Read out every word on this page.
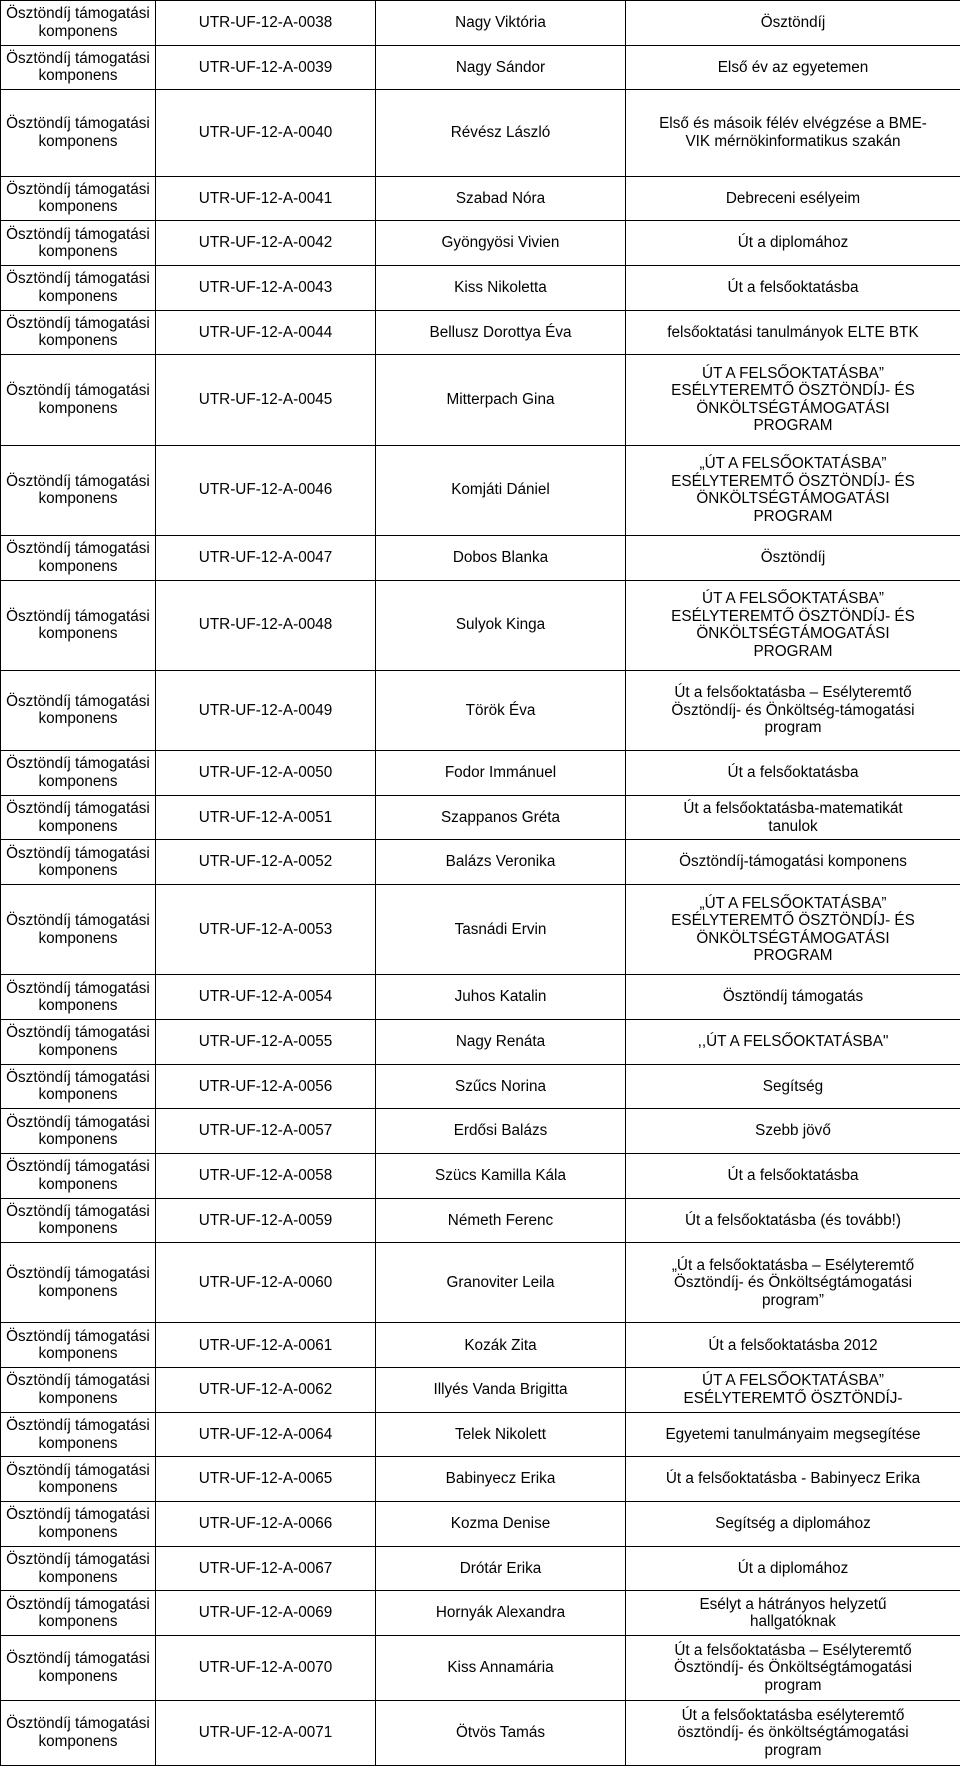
Ösztöndíj támogatási komponens	UTR-UF-12-A-0038	Nagy Viktória	Ösztöndíj
Ösztöndíj támogatási komponens	UTR-UF-12-A-0039	Nagy Sándor	Első év az egyetemen
Ösztöndíj támogatási komponens	UTR-UF-12-A-0040	Révész László	Első és másoik félév elvégzése a BME-
VIK mérnökinformatikus szakán
Ösztöndíj támogatási komponens	UTR-UF-12-A-0041	Szabad Nóra	Debreceni esélyeim
Ösztöndíj támogatási komponens	UTR-UF-12-A-0042	Gyöngyösi Vivien	Út a diplomához
Ösztöndíj támogatási komponens	UTR-UF-12-A-0043	Kiss Nikoletta	Út a felsőoktatásba
Ösztöndíj támogatási komponens	UTR-UF-12-A-0044	Bellusz Dorottya Éva	felsőoktatási tanulmányok ELTE BTK
Ösztöndíj támogatási komponens	UTR-UF-12-A-0045	Mitterpach Gina	ÚT A FELSŐOKTATÁSBA”
ESÉLYTEREMTŐ ÖSZTÖNDÍJ- ÉS
ÖNKÖLTSÉGTÁMOGATÁSI
PROGRAM
Ösztöndíj támogatási komponens	UTR-UF-12-A-0046	Komjáti Dániel	„ÚT A FELSŐOKTATÁSBA”
ESÉLYTEREMTŐ ÖSZTÖNDÍJ- ÉS
ÖNKÖLTSÉGTÁMOGATÁSI
PROGRAM
Ösztöndíj támogatási komponens	UTR-UF-12-A-0047	Dobos Blanka	Ösztöndíj
Ösztöndíj támogatási komponens	UTR-UF-12-A-0048	Sulyok Kinga	ÚT A FELSŐOKTATÁSBA”
ESÉLYTEREMTŐ ÖSZTÖNDÍJ- ÉS
ÖNKÖLTSÉGTÁMOGATÁSI
PROGRAM
Ösztöndíj támogatási komponens	UTR-UF-12-A-0049	Török Éva	Út a felsőoktatásba – Esélyteremtő
Ösztöndíj- és Önköltség-támogatási
program
Ösztöndíj támogatási komponens	UTR-UF-12-A-0050	Fodor Immánuel	Út a felsőoktatásba
Ösztöndíj támogatási komponens	UTR-UF-12-A-0051	Szappanos Gréta	Út a felsőoktatásba-matematikát
tanulok
Ösztöndíj támogatási komponens	UTR-UF-12-A-0052	Balázs Veronika	Ösztöndíj-támogatási komponens
Ösztöndíj támogatási komponens	UTR-UF-12-A-0053	Tasnádi Ervin	„ÚT A FELSŐOKTATÁSBA”
ESÉLYTEREMTŐ ÖSZTÖNDÍJ- ÉS
ÖNKÖLTSÉGTÁMOGATÁSI
PROGRAM
Ösztöndíj támogatási komponens	UTR-UF-12-A-0054	Juhos Katalin	Ösztöndíj támogatás
Ösztöndíj támogatási komponens	UTR-UF-12-A-0055	Nagy Renáta	,,ÚT A FELSŐOKTATÁSBA"
Ösztöndíj támogatási komponens	UTR-UF-12-A-0056	Szűcs Norina	Segítség
Ösztöndíj támogatási komponens	UTR-UF-12-A-0057	Erdősi Balázs	Szebb jövő
Ösztöndíj támogatási komponens	UTR-UF-12-A-0058	Szücs Kamilla Kála	Út a felsőoktatásba
Ösztöndíj támogatási komponens	UTR-UF-12-A-0059	Németh Ferenc	Út a felsőoktatásba (és tovább!)
Ösztöndíj támogatási komponens	UTR-UF-12-A-0060	Granoviter Leila	„Út a felsőoktatásba – Esélyteremtő
Ösztöndíj- és Önköltségtámogatási
program”
Ösztöndíj támogatási komponens	UTR-UF-12-A-0061	Kozák Zita	Út a felsőoktatásba 2012
Ösztöndíj támogatási komponens	UTR-UF-12-A-0062	Illyés Vanda Brigitta	ÚT A FELSŐOKTATÁSBA”
ESÉLYTEREMTŐ ÖSZTÖNDÍJ-
Ösztöndíj támogatási komponens	UTR-UF-12-A-0064	Telek Nikolett	Egyetemi tanulmányaim megsegítése
Ösztöndíj támogatási komponens	UTR-UF-12-A-0065	Babinyecz Erika	Út a felsőoktatásba - Babinyecz Erika
Ösztöndíj támogatási komponens	UTR-UF-12-A-0066	Kozma Denise	Segítség a diplomához
Ösztöndíj támogatási komponens	UTR-UF-12-A-0067	Drótár Erika	Út a diplomához
Ösztöndíj támogatási komponens	UTR-UF-12-A-0069	Hornyák Alexandra	Esélyt a hátrányos helyzetű
hallgatóknak
Ösztöndíj támogatási komponens	UTR-UF-12-A-0070	Kiss Annamária	Út a felsőoktatásba – Esélyteremtő
Ösztöndíj- és Önköltségtámogatási
program
Ösztöndíj támogatási komponens	UTR-UF-12-A-0071	Ötvös Tamás	Út a felsőoktatásba esélyteremtő
ösztöndíj- és önköltségtámogatási
program
